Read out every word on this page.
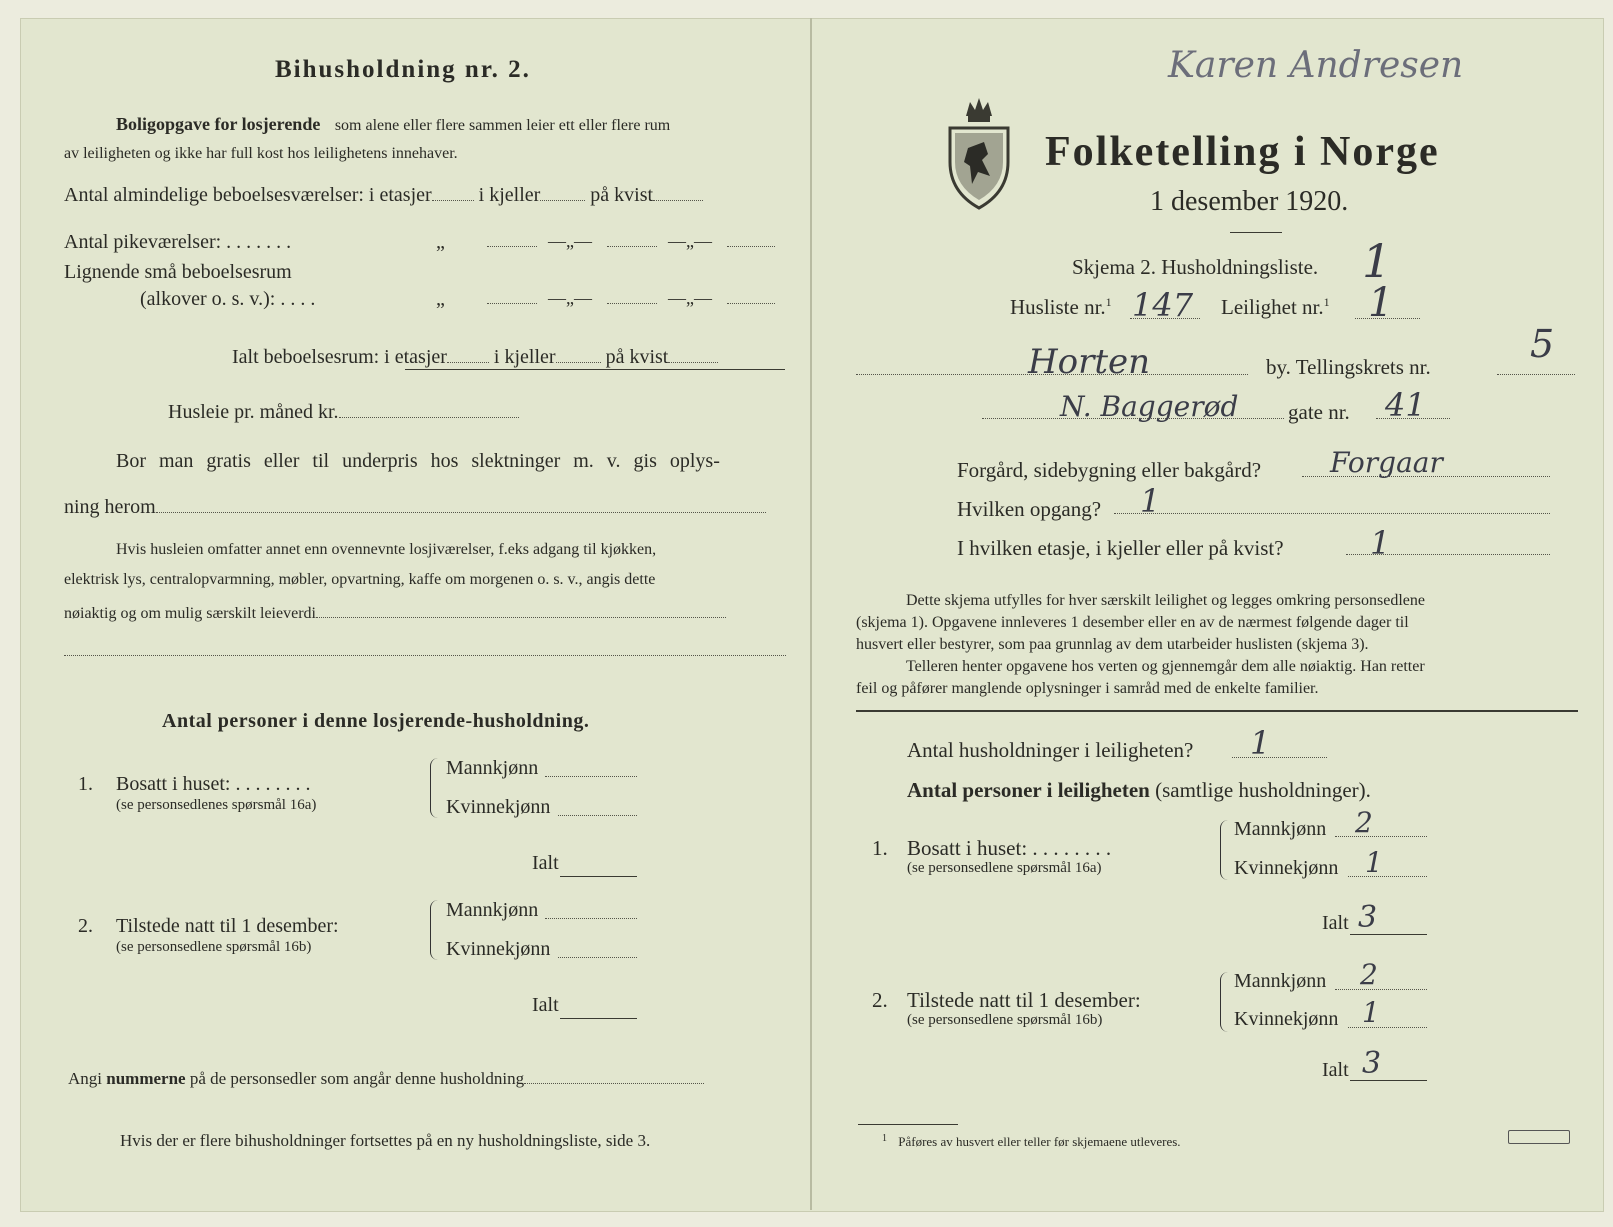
Bihusholdning nr. 2.
Boligopgave for losjerende som alene eller flere sammen leier ett eller flere rum
av leiligheten og ikke har full kost hos leilighetens innehaver.
Antal almindelige beboelsesværelser: i etasjer i kjeller	på kvist
Antal pikeværelser: . . . . . . .	„	—„—	—„—
Lignende små beboelsesrum
(alkover o. s. v.): . . . .	„	—„—	—„—
Ialt beboelsesrum: i etasjer i kjeller	på kvist
Husleie pr. måned kr.
Bor man gratis eller til underpris hos slektninger m. v. gis oplys-
ning herom
Hvis husleien omfatter annet enn ovennevnte losjiværelser, f.eks adgang til kjøkken,
elektrisk lys, centralopvarmning, møbler, opvartning, kaffe om morgenen o. s. v., angis dette
nøiaktig og om mulig særskilt leieverdi
Antal personer i denne losjerende-husholdning.
1. Bosatt i huset: . . . . . . . .
(se personsedlenes spørsmål 16a)
Mannkjønn
Kvinnekjønn
Ialt
2. Tilstede natt til 1 desember:
(se personsedlene spørsmål 16b)
Mannkjønn
Kvinnekjønn
Ialt
Angi nummerne på de personsedler som angår denne husholdning
Hvis der er flere bihusholdninger fortsettes på en ny husholdningsliste, side 3.
Karen Andresen
Folketelling i Norge
1 desember 1920.
Skjema 2. Husholdningsliste. 1
Husliste nr.$^1$ 147 Leilighet nr.$^1$ 1
Horten	by. Tellingskrets nr.
5
N. Baggerød gate nr. 41
Forgård, sidebygning eller bakgård? Forgaar
Hvilken opgang? 1
I hvilken etasje, i kjeller eller på kvist?	1
Dette skjema utfylles for hver særskilt leilighet og legges omkring personsedlene
(skjema 1). Opgavene innleveres 1 desember eller en av de nærmest følgende dager til
husvert eller bestyrer, som paa grunnlag av dem utarbeider huslisten (skjema 3).
Telleren henter opgavene hos verten og gjennemgår dem alle nøiaktig. Han retter
feil og påfører manglende oplysninger i samråd med de enkelte familier.
Antal husholdninger i leiligheten? 1
Antal personer i leiligheten (samtlige husholdninger).
1. Bosatt i huset: . . . . . . . .
(se personsedlene spørsmål 16a)
Mannkjønn 2
Kvinnekjønn 1
Ialt 3
2. Tilstede natt til 1 desember:
(se personsedlene spørsmål 16b)
Mannkjønn 2
Kvinnekjønn 1
Ialt 3
$^1$ Påføres av husvert eller teller før skjemaene utleveres.
